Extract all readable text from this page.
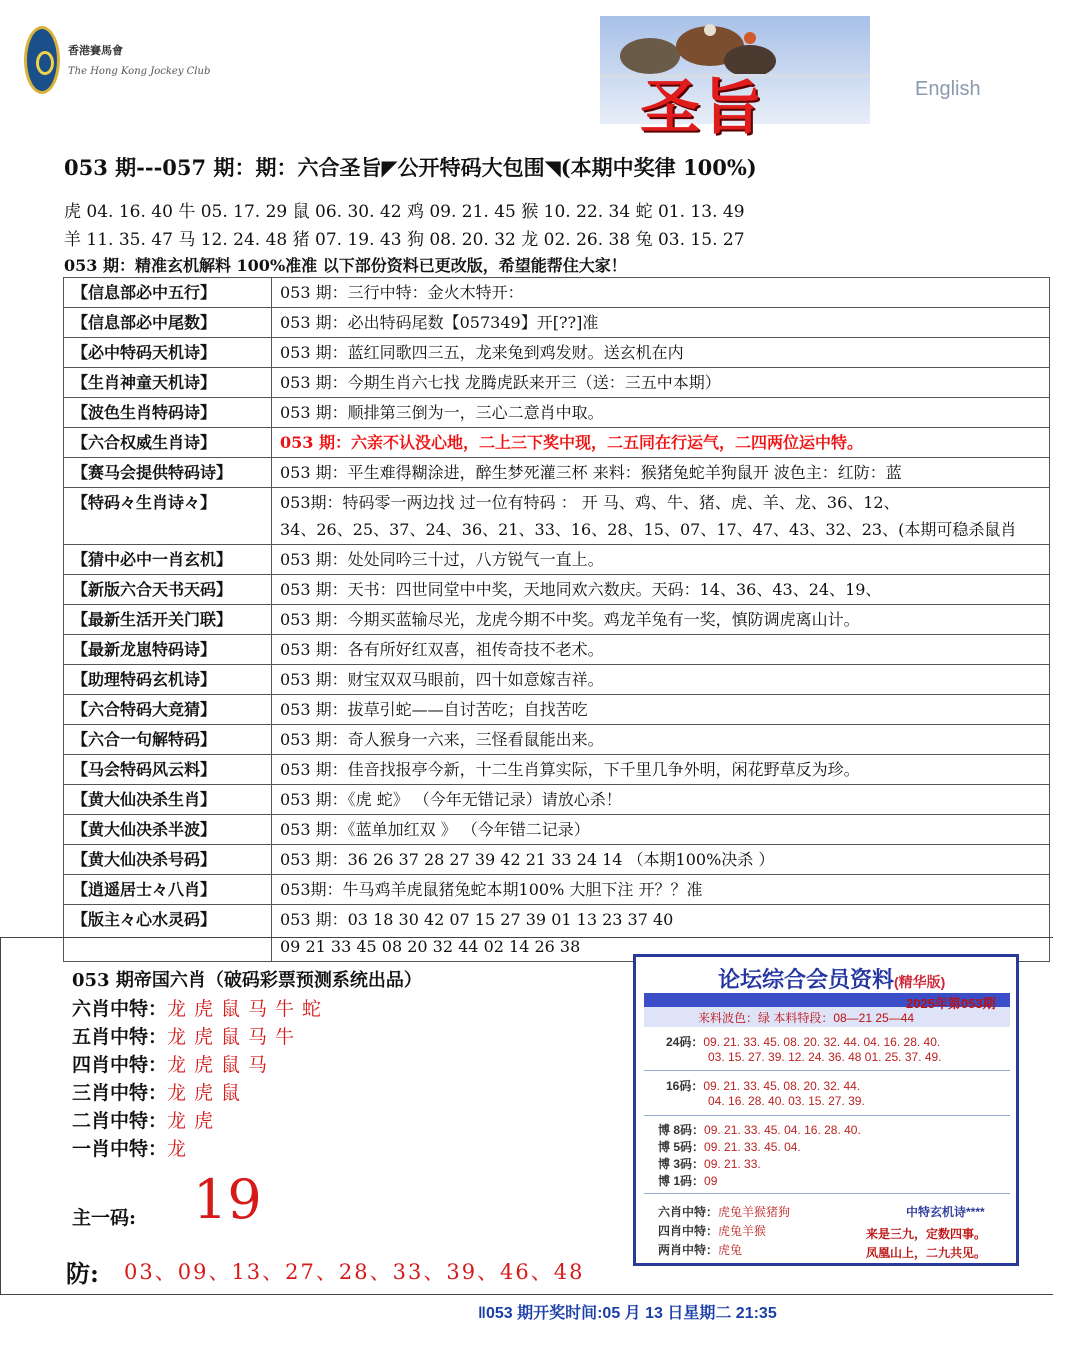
香港賽馬會
The Hong Kong Jockey Club
圣旨	English
053 期---057 期：期：六合圣旨◤公开特码大包围◥(本期中奖律 100%)
虎 04. 16. 40 牛 05. 17. 29 鼠 06. 30. 42 鸡 09. 21. 45 猴 10. 22. 34 蛇 01. 13. 49
羊 11. 35. 47 马 12. 24. 48 猪 07. 19. 43 狗 08. 20. 32 龙 02. 26. 38 兔 03. 15. 27
053 期：精准玄机解料 100%准准 以下部份资料已更改版，希望能帮住大家！
【信息部必中五行】	053 期：三行中特：金火木特开：

【信息部必中尾数】	053 期：必出特码尾数【057349】开[??]准

【必中特码天机诗】	053 期：蓝红同歌四三五，龙来兔到鸡发财。送玄机在内

【生肖神童天机诗】	053 期：今期生肖六七找 龙腾虎跃来开三（送：三五中本期）

【波色生肖特码诗】	053 期：顺排第三倒为一，三心二意肖中取。

【六合权威生肖诗】	053 期：六亲不认没心地，二上三下奖中现，二五同在行运气，二四两位运中特。

【赛马会提供特码诗】	053 期：平生难得糊涂进，醉生梦死灌三杯 来料：猴猪兔蛇羊狗鼠开 波色主：红防：蓝

【特码々生肖诗々】	053期：特码零一两边找 过一位有特码 ： 开 马、鸡、牛、猪、虎、羊、龙、36、12、
34、26、25、37、24、36、21、33、16、28、15、07、17、47、43、32、23、(本期可稳杀鼠肖

【猜中必中一肖玄机】	053 期：处处同吟三十过，八方锐气一直上。

【新版六合天书天码】	053 期：天书：四世同堂中中奖，天地同欢六数庆。天码：14、36、43、24、19、

【最新生活开关门联】	053 期：今期买蓝输尽光，龙虎今期不中奖。鸡龙羊兔有一奖，慎防调虎离山计。

【最新龙崽特码诗】	053 期：各有所好红双喜，祖传奇技不老术。

【助理特码玄机诗】	053 期：财宝双双马眼前，四十如意嫁吉祥。

【六合特码大竞猜】	053 期：拔草引蛇——自讨苦吃；自找苦吃

【六合一句解特码】	053 期：奇人猴身一六来，三怪看鼠能出来。

【马会特码风云料】	053 期：佳音找报亭今新，十二生肖算实际，下千里几争外明，闲花野草反为珍。

【黄大仙决杀生肖】	053 期：《虎 蛇》 （今年无错记录）请放心杀！

【黄大仙决杀半波】	053 期：《蓝单加红双 》 （今年错二记录）

【黄大仙决杀号码】	053 期：36 26 37 28 27 39 42 21 33 24 14 （本期100%决杀 ）

【逍遥居士々八肖】	053期：牛马鸡羊虎鼠猪兔蛇本期100% 大胆下注 开？？准

【版主々心水灵码】	053 期：03 18 30 42 07 15 27 39 01 13 23 37 40
09 21 33 45 08 20 32 44 02 14 26 38
053 期帝国六肖（破码彩票预测系统出品）
六肖中特：龙虎鼠马牛蛇
五肖中特：龙虎鼠马牛
四肖中特：龙虎鼠马
三肖中特：龙虎鼠
二肖中特：龙虎
一肖中特：龙
主一码: 19
防: 03、09、13、27、28、33、39、46、48
论坛综合会员资料(精华版)
2025年第053期
来料波色：绿 本料特段：08—21 25—44
24码：09. 21. 33. 45. 08. 20. 32. 44. 04. 16. 28. 40.
03. 15. 27. 39. 12. 24. 36. 48 01. 25. 37. 49.
16码：09. 21. 33. 45. 08. 20. 32. 44.
04. 16. 28. 40. 03. 15. 27. 39.
博 8码：09. 21. 33. 45. 04. 16. 28. 40.
博 5码：09. 21. 33. 45. 04.
博 3码：09. 21. 33.
博 1码：09
六肖中特：虎兔羊猴猪狗
四肖中特：虎兔羊猴
两肖中特：虎兔
中特玄机诗****
来是三九，定数四事。
凤凰山上，二九共见。
‖053 期开奖时间:05 月 13 日星期二 21:35
